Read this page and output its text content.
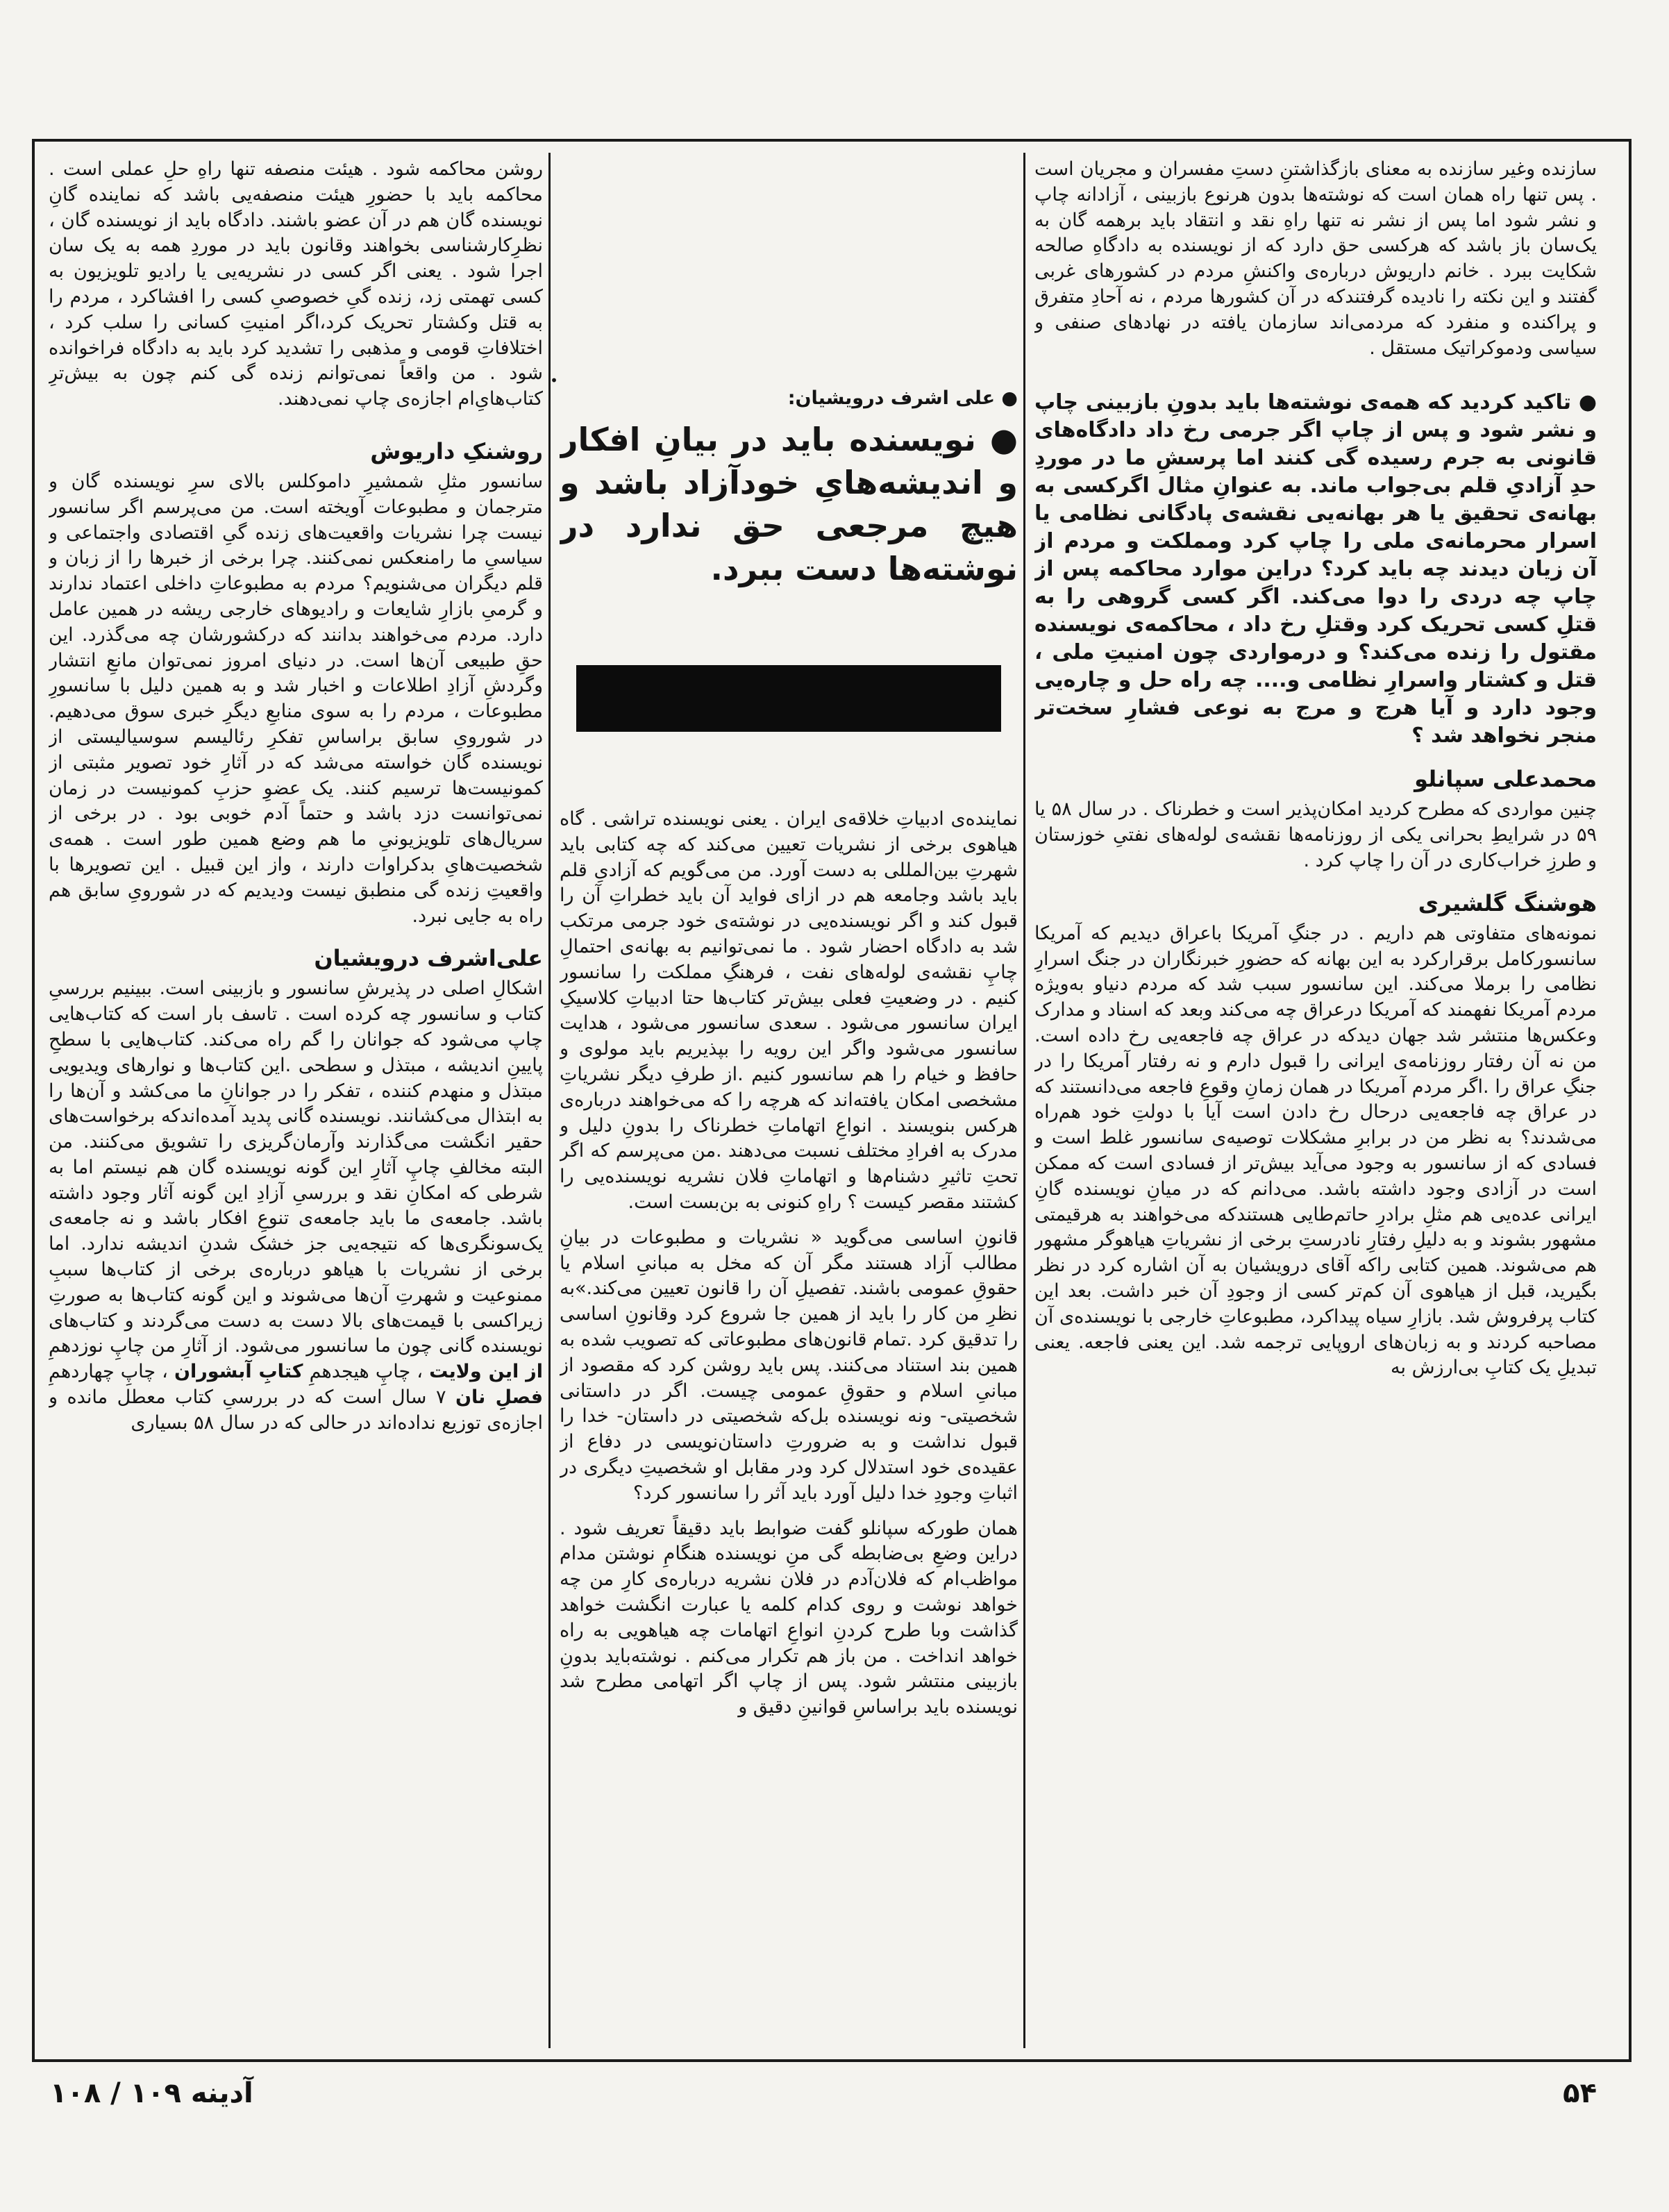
•

سازنده وغیر سازنده به معنای بازگذاشتنِ دستِ مفسران و مجریان است . پس تنها راه همان است که نوشته‌ها بدون هرنوع بازبینی ، آزادانه چاپ و نشر شود اما پس از نشر نه تنها راهِ نقد و انتقاد باید برهمه گان به یک‌سان باز باشد که هرکسی حق دارد که از نویسنده به دادگاهِ صالحه شکایت ببرد . خانم داریوش درباره‌ی واکنشِ مردم در کشورهای غربی گفتند و این نکته را نادیده گرفتندکه در آن کشورها مردم ، نه آحادِ متفرق و پراکنده و منفرد که مردمی‌اند سازمان یافته در نهادهای صنفی و سیاسی ودموکراتیک مستقل .

● تاکید کردید که همه‌ی نوشته‌ها باید بدونِ بازبینی چاپ و نشر شود و پس از چاپ اگر جرمی رخ داد دادگاه‌های قانونی به جرم رسیده گی کنند اما پرسشِ ما در موردِ حدِ آزادیِ قلم بی‌جواب ماند. به عنوانِ مثال اگرکسی به بهانه‌ی تحقیق یا هر بهانه‌یی نقشه‌ی پادگانی نظامی یا اسرار محرمانه‌ی ملی را چاپ کرد ومملکت و مردم از آن زیان دیدند چه باید کرد؟ دراین موارد محاکمه پس از چاپ چه دردی را دوا می‌کند. اگر کسی گروهی را به قتلِ کسی تحریک کرد وقتلِ رخ داد ، محاکمه‌ی نویسنده مقتول را زنده می‌کند؟ و درمواردی چون امنیتِ ملی ، قتل و کشتار واسرارِ نظامی و.... چه راه حل و چاره‌یی وجود دارد و آیا هرج و مرج به نوعی فشارِ سخت‌تر منجر نخواهد شد ؟

محمدعلی سپانلو

چنین مواردی که مطرح کردید امکان‌پذیر است و خطرناک . در سال ۵۸ یا ۵۹ در شرایطِ بحرانی یکی از روزنامه‌ها نقشه‌ی لوله‌های نفتیِ خوزستان و طرزِ خراب‌کاری در آن را چاپ کرد .

هوشنگ گلشیری

نمونه‌های متفاوتی هم داریم . در جنگِ آمریکا باعراق دیدیم که آمریکا سانسورکامل برقرارکرد به این بهانه که حضورِ خبرنگاران در جنگ اسرارِ نظامی را برملا می‌کند. این سانسور سبب شد که مردم دنیاو به‌ویژه مردم آمریکا نفهمند که آمریکا درعراق چه می‌کند وبعد که اسناد و مدارک وعکس‌ها منتشر شد جهان دیدکه در عراق چه فاجعه‌یی رخ داده است. من نه آن رفتار روزنامه‌ی ایرانی را قبول دارم و نه رفتار آمریکا را در جنگِ عراق را .اگر مردم آمریکا در همان زمانِ وقوعِ فاجعه می‌دانستند که در عراق چه فاجعه‌یی درحال رخ دادن است آیا با دولتِ خود هم‌راه می‌شدند؟ به نظر من در برابرِ مشکلات توصیه‌ی سانسور غلط است و فسادی که از سانسور به وجود می‌آید بیش‌تر از فسادی است که ممکن است در آزادی وجود داشته باشد. می‌دانم که در میانِ نویسنده گانِ ایرانی عده‌یی هم مثلِ برادرِ حاتم‌طایی هستندکه می‌خواهند به هرقیمتی مشهور بشوند و به دلیلِ رفتارِ نادرستِ برخی از نشریاتِ هیاهوگر مشهور هم می‌شوند. همین کتابی راکه آقای درویشیان به آن اشاره کرد در نظر بگیرید، قبل از هیاهوی آن کم‌تر کسی از وجودِ آن خبر داشت. بعد این کتاب پرفروش شد. بازارِ سیاه پیداکرد، مطبوعاتِ خارجی با نویسنده‌ی آن مصاحبه کردند و به زبان‌های اروپایی ترجمه شد. این یعنی فاجعه. یعنی تبدیلِ یک کتابِ بی‌ارزش به

● علی اشرف درویشیان:
● نویسنده باید در بیانِ افکار و اندیشه‌هایِ خودآزاد باشد و هیچ مرجعی حق ندارد در نوشته‌ها دست ببرد.

نماینده‌ی ادبیاتِ خلاقه‌ی ایران . یعنی نویسنده تراشی . گاه هیاهوی برخی از نشریات تعیین می‌کند که چه کتابی باید شهرتِ بین‌المللی به دست آورد. من می‌گویم که آزادیِ قلم باید باشد وجامعه هم در ازای فواید آن باید خطراتِ آن را قبول کند و اگر نویسنده‌یی در نوشته‌ی خود جرمی مرتکب شد به دادگاه احضار شود . ما نمی‌توانیم به بهانه‌ی احتمالِ چاپِ نقشه‌ی لوله‌های نفت ، فرهنگِ مملکت را سانسور کنیم . در وضعیتِ فعلی بیش‌تر کتاب‌ها حتا ادبیاتِ کلاسیکِ ایران سانسور می‌شود . سعدی سانسور می‌شود ، هدایت سانسور می‌شود واگر این رویه را بپذیریم باید مولوی و حافظ و خیام را هم سانسور کنیم .از طرفِ دیگر نشریاتِ مشخصی امکان یافته‌اند که هرچه را که می‌خواهند درباره‌ی هرکس بنویسند . انواعِ اتهاماتِ خطرناک را بدونِ دلیل و مدرک به افرادِ مختلف نسبت می‌دهند .من می‌پرسم که اگر تحتِ تاثیرِ دشنام‌ها و اتهاماتِ فلان نشریه نویسنده‌یی را کشتند مقصر کیست ؟ راهِ کنونی به بن‌بست است.

قانونِ اساسی می‌گوید « نشریات و مطبوعات در بیانِ مطالب آزاد هستند مگر آن که مخل به مبانیِ اسلام یا حقوقِ عمومی باشند. تفصیلِ آن را قانون تعیین می‌کند.»به نظرِ من کار را باید از همین جا شروع کرد وقانونِ اساسی را تدقیق کرد .تمام قانون‌های مطبوعاتی که تصویب شده به همین بند استناد می‌کنند. پس باید روشن کرد که مقصود از مبانیِ اسلام و حقوقِ عمومی چیست. اگر در داستانی شخصیتی- ونه نویسنده بل‌که شخصیتی در داستان- خدا را قبول نداشت و به ضرورتِ داستان‌نویسی در دفاع از عقیده‌ی خود استدلال کرد ودر مقابل او شخصیتِ دیگری در اثباتِ وجودِ خدا دلیل آورد باید آثر را سانسور کرد؟

همان طورکه سپانلو گفت ضوابط باید دقیقاً تعریف شود . دراین وضعِ بی‌ضابطه گی منِ نویسنده هنگامِ نوشتن مدام مواظب‌ام که فلان‌آدم در فلان نشریه درباره‌ی کارِ من چه خواهد نوشت و روی کدام کلمه یا عبارت انگشت خواهد گذاشت وبا طرح کردنِ انواعِ اتهامات چه هیاهویی به راه خواهد انداخت . من باز هم تکرار می‌کنم . نوشته‌باید بدونِ بازبینی منتشر شود. پس از چاپ اگر اتهامی مطرح شد نویسنده باید براساسِ قوانینِ دقیق و

روشن محاکمه شود . هیئت منصفه تنها راهِ حلِ عملی است . محاکمه باید با حضورِ هیئت منصفه‌یی باشد که نماینده گانِ نویسنده گان هم در آن عضو باشند. دادگاه باید از نویسنده گان ، نظرِکارشناسی بخواهند وقانون باید در موردِ همه به یک سان اجرا شود . یعنی اگر کسی در نشریه‌یی یا رادیو تلویزیون به کسی تهمتی زد، زنده گیِ خصوصیِ کسی را افشاکرد ، مردم را به قتل وکشتار تحریک کرد،اگر امنیتِ کسانی را سلب کرد ، اختلافاتِ قومی و مذهبی را تشدید کرد باید به دادگاه فراخوانده شود . من واقعاً نمی‌توانم زنده گی کنم چون به بیش‌ترِ کتاب‌هایِ‌ام اجازه‌ی چاپ نمی‌دهند.

روشنکِ داریوش

سانسور مثلِ شمشیرِ داموکلس بالای سرِ نویسنده گان و مترجمان و مطبوعات آویخته است. من می‌پرسم اگر سانسور نیست چرا نشریات واقعیت‌های زنده گیِ اقتصادی واجتماعی و سیاسیِ ما رامنعکس نمی‌کنند. چرا برخی از خبرها را از زبان و قلم دیگران می‌شنویم؟ مردم به مطبوعاتِ داخلی اعتماد ندارند و گرمیِ بازارِ شایعات و رادیوهای خارجی ریشه در همین عامل دارد. مردم می‌خواهند بدانند که درکشورشان چه می‌گذرد. این حقِ طبیعی آن‌ها است. در دنیای امروز نمی‌توان مانعِ انتشار وگردشِ آزادِ اطلاعات و اخبار شد و به همین دلیل با سانسورِ مطبوعات ، مردم را به سوی منابعِ دیگرِ خبری سوق می‌دهیم. در شورویِ سابق براساسِ تفکرِ رئالیسم سوسیالیستی از نویسنده گان خواسته می‌شد که در آثارِ خود تصویر مثبتی از کمونیست‌ها ترسیم کنند. یک عضوِ حزبِ کمونیست در زمان نمی‌توانست دزد باشد و حتماً آدم خوبی بود . در برخی از سریال‌های تلویزیونیِ ما هم وضع همین طور است . همه‌ی شخصیت‌هایِ بدکراوات دارند ، واز این قبیل . این تصویرها با واقعیتِ زنده گی منطبق نیست ودیدیم که در شورویِ سابق هم راه به جایی نبرد.

علی‌اشرف درویشیان

اشکالِ اصلی در پذیرشِ سانسور و بازبینی است. ببینیم بررسیِ کتاب و سانسور چه کرده است . تاسف بار است که کتاب‌هایی چاپ می‌شود که جوانان را گم راه می‌کند. کتاب‌هایی با سطحِ پایینِ اندیشه ، مبتذل و سطحی .این کتاب‌ها و نوارهای ویدیویی مبتذل و منهدم کننده ، تفکر را در جوانانِ ما می‌کشد و آن‌ها را به ابتذال می‌کشانند. نویسنده گانی پدید آمده‌اندکه برخواست‌های حقیر انگشت می‌گذارند وآرمان‌گریزی را تشویق می‌کنند. من البته مخالفِ چاپِ آثارِ این گونه نویسنده گان هم نیستم اما به شرطی که امکانِ نقد و بررسیِ آزادِ این گونه آثار وجود داشته باشد. جامعه‌ی ما باید جامعه‌ی تنوعِ افکار باشد و نه جامعه‌ی یک‌سونگری‌ها که نتیجه‌یی جز خشک شدنِ اندیشه ندارد. اما برخی از نشریات با هیاهو درباره‌ی برخی از کتاب‌ها سببِ ممنوعیت و شهرتِ آن‌ها می‌شوند و این گونه کتاب‌ها به صورتِ زیراکسی با قیمت‌های بالا دست به دست می‌گردند و کتاب‌های نویسنده گانی چون ما سانسور می‌شود. از آثارِ من چاپِ نوزدهمِ از این ولایت ، چاپِ هیجدهمِ کتابِ آبشوران ، چاپِ چهاردهمِ فصلِ نان ۷ سال است که در بررسیِ کتاب معطل مانده و اجازه‌ی توزیع نداده‌اند در حالی که در سال ۵۸ بسیاری

۵۴
آدینه ۱۰۹ / ۱۰۸
